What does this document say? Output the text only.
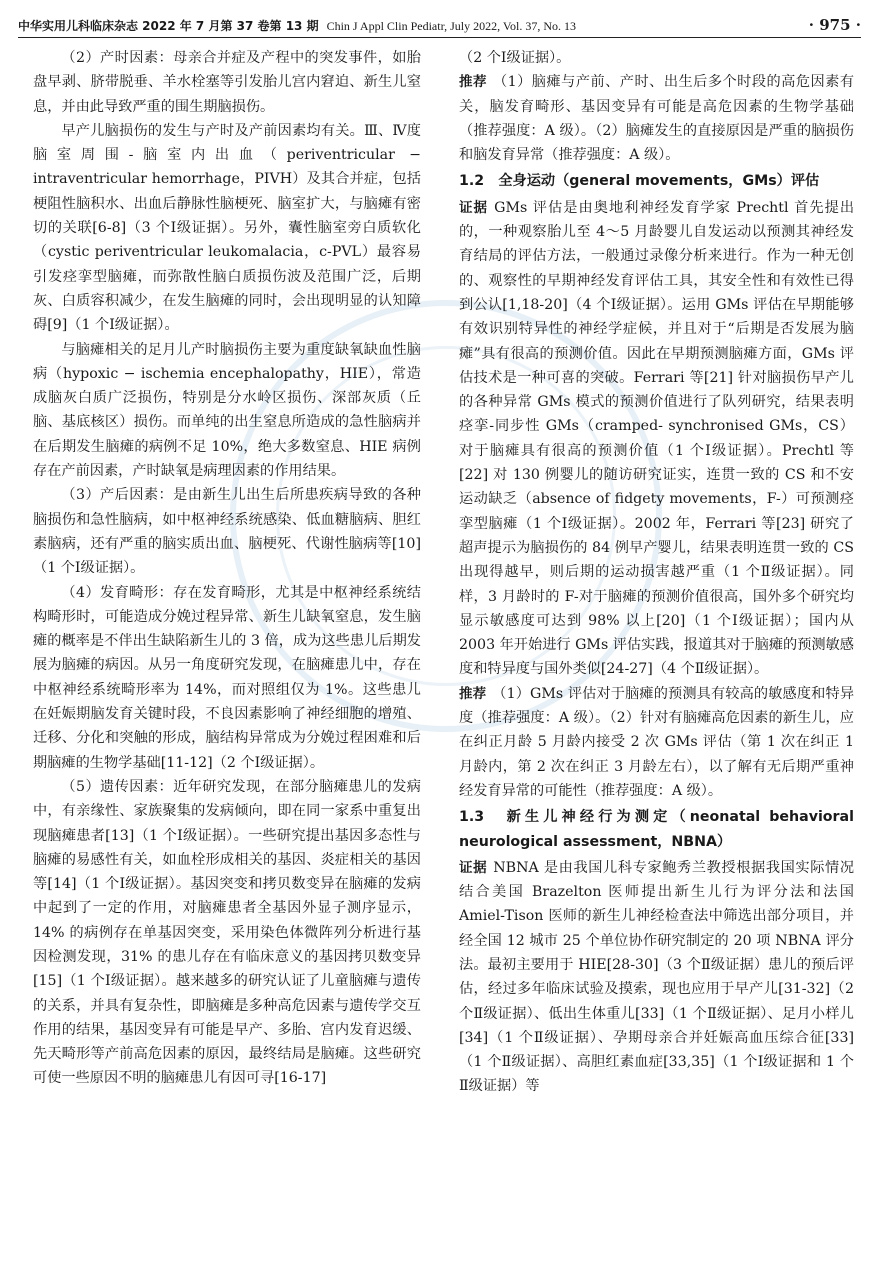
中华实用儿科临床杂志 2022 年 7 月第 37 卷第 13 期 Chin J Appl Clin Pediatr, July 2022, Vol. 37, No. 13	· 975 ·

（2）产时因素：母亲合并症及产程中的突发事件，如胎盘早剥、脐带脱垂、羊水栓塞等引发胎儿宫内窘迫、新生儿窒息，并由此导致严重的围生期脑损伤。

早产儿脑损伤的发生与产时及产前因素均有关。Ⅲ、Ⅳ度脑室周围-脑室内出血（periventricular − intraventricular hemorrhage，PIVH）及其合并症，包括梗阻性脑积水、出血后静脉性脑梗死、脑室扩大，与脑瘫有密切的关联[6-8]（3 个Ⅰ级证据）。另外，囊性脑室旁白质软化（cystic periventricular leukomalacia，c-PVL）最容易引发痉挛型脑瘫，而弥散性脑白质损伤波及范围广泛，后期灰、白质容积减少，在发生脑瘫的同时，会出现明显的认知障碍[9]（1 个Ⅰ级证据）。

与脑瘫相关的足月儿产时脑损伤主要为重度缺氧缺血性脑病（hypoxic − ischemia encephalopathy，HIE），常造成脑灰白质广泛损伤，特别是分水岭区损伤、深部灰质（丘脑、基底核区）损伤。而单纯的出生窒息所造成的急性脑病并在后期发生脑瘫的病例不足 10%，绝大多数窒息、HIE 病例存在产前因素，产时缺氧是病理因素的作用结果。

（3）产后因素：是由新生儿出生后所患疾病导致的各种脑损伤和急性脑病，如中枢神经系统感染、低血糖脑病、胆红素脑病，还有严重的脑实质出血、脑梗死、代谢性脑病等[10]（1 个Ⅰ级证据）。

（4）发育畸形：存在发育畸形，尤其是中枢神经系统结构畸形时，可能造成分娩过程异常、新生儿缺氧窒息，发生脑瘫的概率是不伴出生缺陷新生儿的 3 倍，成为这些患儿后期发展为脑瘫的病因。从另一角度研究发现，在脑瘫患儿中，存在中枢神经系统畸形率为 14%，而对照组仅为 1%。这些患儿在妊娠期脑发育关键时段，不良因素影响了神经细胞的增殖、迁移、分化和突触的形成，脑结构异常成为分娩过程困难和后期脑瘫的生物学基础[11-12]（2 个Ⅰ级证据）。

（5）遗传因素：近年研究发现，在部分脑瘫患儿的发病中，有亲缘性、家族聚集的发病倾向，即在同一家系中重复出现脑瘫患者[13]（1 个Ⅰ级证据）。一些研究提出基因多态性与脑瘫的易感性有关，如血栓形成相关的基因、炎症相关的基因等[14]（1 个Ⅰ级证据）。基因突变和拷贝数变异在脑瘫的发病中起到了一定的作用，对脑瘫患者全基因外显子测序显示，14% 的病例存在单基因突变，采用染色体微阵列分析进行基因检测发现，31% 的患儿存在有临床意义的基因拷贝数变异[15]（1 个Ⅰ级证据）。越来越多的研究认证了儿童脑瘫与遗传的关系，并具有复杂性，即脑瘫是多种高危因素与遗传学交互作用的结果，基因变异有可能是早产、多胎、宫内发育迟缓、先天畸形等产前高危因素的原因，最终结局是脑瘫。这些研究可使一些原因不明的脑瘫患儿有因可寻[16-17]

（2 个Ⅰ级证据）。

推荐 （1）脑瘫与产前、产时、出生后多个时段的高危因素有关，脑发育畸形、基因变异有可能是高危因素的生物学基础（推荐强度：A 级）。（2）脑瘫发生的直接原因是严重的脑损伤和脑发育异常（推荐强度：A 级）。

1.2　全身运动（general movements，GMs）评估

证据 GMs 评估是由奥地利神经发育学家 Prechtl 首先提出的，一种观察胎儿至 4～5 月龄婴儿自发运动以预测其神经发育结局的评估方法，一般通过录像分析来进行。作为一种无创的、观察性的早期神经发育评估工具，其安全性和有效性已得到公认[1,18-20]（4 个Ⅰ级证据）。运用 GMs 评估在早期能够有效识别特异性的神经学症候，并且对于“后期是否发展为脑瘫”具有很高的预测价值。因此在早期预测脑瘫方面，GMs 评估技术是一种可喜的突破。Ferrari 等[21] 针对脑损伤早产儿的各种异常 GMs 模式的预测价值进行了队列研究，结果表明痉挛-同步性 GMs（cramped- synchronised GMs，CS）对于脑瘫具有很高的预测价值（1 个Ⅰ级证据）。Prechtl 等[22] 对 130 例婴儿的随访研究证实，连贯一致的 CS 和不安运动缺乏（absence of fidgety movements，F-）可预测痉挛型脑瘫（1 个Ⅰ级证据）。2002 年，Ferrari 等[23] 研究了超声提示为脑损伤的 84 例早产婴儿，结果表明连贯一致的 CS 出现得越早，则后期的运动损害越严重（1 个Ⅱ级证据）。同样，3 月龄时的 F-对于脑瘫的预测价值很高，国外多个研究均显示敏感度可达到 98% 以上[20]（1 个Ⅰ级证据）；国内从 2003 年开始进行 GMs 评估实践，报道其对于脑瘫的预测敏感度和特异度与国外类似[24-27]（4 个Ⅱ级证据）。

推荐 （1）GMs 评估对于脑瘫的预测具有较高的敏感度和特异度（推荐强度：A 级）。（2）针对有脑瘫高危因素的新生儿，应在纠正月龄 5 月龄内接受 2 次 GMs 评估（第 1 次在纠正 1 月龄内，第 2 次在纠正 3 月龄左右），以了解有无后期严重神经发育异常的可能性（推荐强度：A 级）。

1.3　新生儿神经行为测定（neonatal behavioral neurological assessment，NBNA）

证据 NBNA 是由我国儿科专家鲍秀兰教授根据我国实际情况结合美国 Brazelton 医师提出新生儿行为评分法和法国 Amiel-Tison 医师的新生儿神经检查法中筛选出部分项目，并经全国 12 城市 25 个单位协作研究制定的 20 项 NBNA 评分法。最初主要用于 HIE[28-30]（3 个Ⅱ级证据）患儿的预后评估，经过多年临床试验及摸索，现也应用于早产儿[31-32]（2 个Ⅱ级证据）、低出生体重儿[33]（1 个Ⅱ级证据）、足月小样儿[34]（1 个Ⅱ级证据）、孕期母亲合并妊娠高血压综合征[33]（1 个Ⅱ级证据）、高胆红素血症[33,35]（1 个Ⅰ级证据和 1 个Ⅱ级证据）等
